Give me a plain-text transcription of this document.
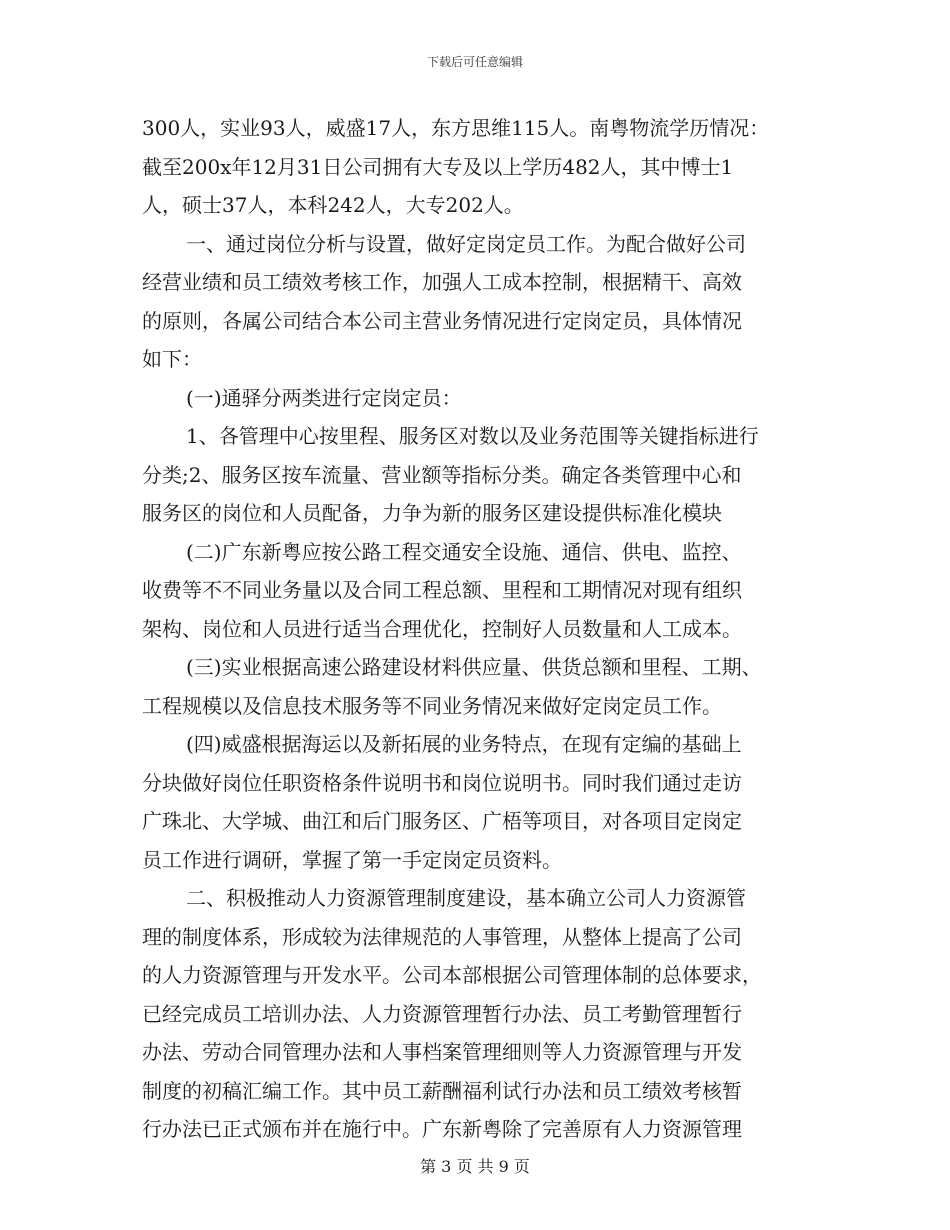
下载后可任意编辑
300人，实业93人，威盛17人，东方思维115人。南粤物流学历情况：
截至200x年12月31日公司拥有大专及以上学历482人，其中博士1
人，硕士37人，本科242人，大专202人。
一、通过岗位分析与设置，做好定岗定员工作。为配合做好公司
经营业绩和员工绩效考核工作，加强人工成本控制，根据精干、高效
的原则，各属公司结合本公司主营业务情况进行定岗定员，具体情况
如下：
(一)通驿分两类进行定岗定员：
1、各管理中心按里程、服务区对数以及业务范围等关键指标进行
分类;2、服务区按车流量、营业额等指标分类。确定各类管理中心和
服务区的岗位和人员配备，力争为新的服务区建设提供标准化模块
(二)广东新粤应按公路工程交通安全设施、通信、供电、监控、
收费等不不同业务量以及合同工程总额、里程和工期情况对现有组织
架构、岗位和人员进行适当合理优化，控制好人员数量和人工成本。
(三)实业根据高速公路建设材料供应量、供货总额和里程、工期、
工程规模以及信息技术服务等不同业务情况来做好定岗定员工作。
(四)威盛根据海运以及新拓展的业务特点，在现有定编的基础上
分块做好岗位任职资格条件说明书和岗位说明书。同时我们通过走访
广珠北、大学城、曲江和后门服务区、广梧等项目，对各项目定岗定
员工作进行调研，掌握了第一手定岗定员资料。
二、积极推动人力资源管理制度建设，基本确立公司人力资源管
理的制度体系，形成较为法律规范的人事管理，从整体上提高了公司
的人力资源管理与开发水平。公司本部根据公司管理体制的总体要求，
已经完成员工培训办法、人力资源管理暂行办法、员工考勤管理暂行
办法、劳动合同管理办法和人事档案管理细则等人力资源管理与开发
制度的初稿汇编工作。其中员工薪酬福利试行办法和员工绩效考核暂
行办法已正式颁布并在施行中。广东新粤除了完善原有人力资源管理
第 3 页 共 9 页
